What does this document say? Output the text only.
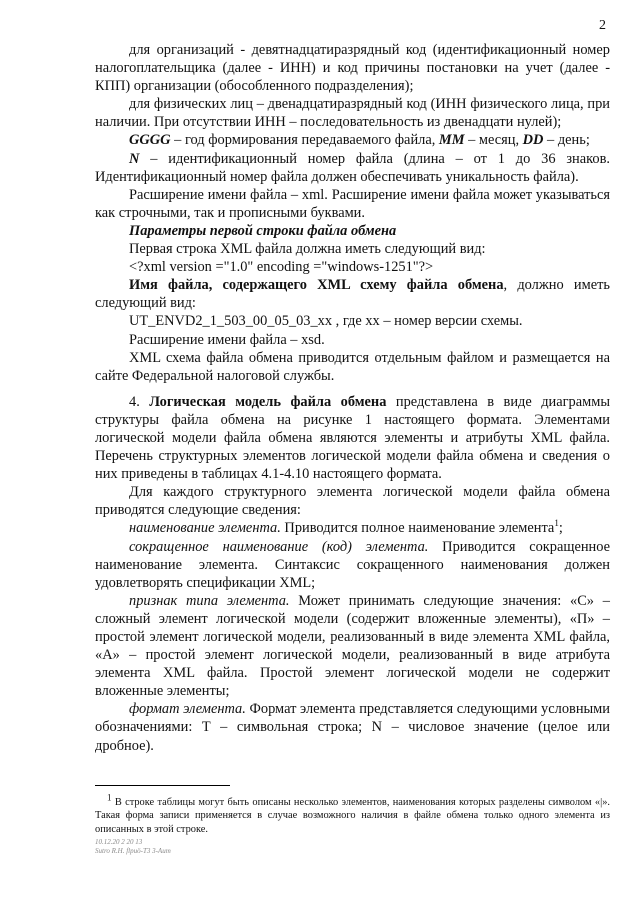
2

для организаций - девятнадцатиразрядный код (идентификационный номер налогоплательщика (далее - ИНН) и код причины постановки на учет (далее - КПП) организации (обособленного подразделения);

для физических лиц – двенадцатиразрядный код (ИНН физического лица, при наличии. При отсутствии ИНН – последовательность из двенадцати нулей);

GGGG – год формирования передаваемого файла, MM – месяц, DD – день;

N – идентификационный номер файла (длина – от 1 до 36 знаков. Идентификационный номер файла должен обеспечивать уникальность файла).

Расширение имени файла – xml. Расширение имени файла может указываться как строчными, так и прописными буквами.

Параметры первой строки файла обмена

Первая строка XML файла должна иметь следующий вид:

<?xml version ="1.0" encoding ="windows-1251"?>

Имя файла, содержащего XML схему файла обмена, должно иметь следующий вид:

UT_ENVD2_1_503_00_05_03_xx , где хх – номер версии схемы.

Расширение имени файла – xsd.

XML схема файла обмена приводится отдельным файлом и размещается на сайте Федеральной налоговой службы.

4. Логическая модель файла обмена представлена в виде диаграммы структуры файла обмена на рисунке 1 настоящего формата. Элементами логической модели файла обмена являются элементы и атрибуты XML файла. Перечень структурных элементов логической модели файла обмена и сведения о них приведены в таблицах 4.1-4.10 настоящего формата.

Для каждого структурного элемента логической модели файла обмена приводятся следующие сведения:

наименование элемента. Приводится полное наименование элемента$^1$;

сокращенное наименование (код) элемента. Приводится сокращенное наименование элемента. Синтаксис сокращенного наименования должен удовлетворять спецификации XML;

признак типа элемента. Может принимать следующие значения: «С» – сложный элемент логической модели (содержит вложенные элементы), «П» – простой элемент логической модели, реализованный в виде элемента XML файла, «А» – простой элемент логической модели, реализованный в виде атрибута элемента XML файла. Простой элемент логической модели не содержит вложенные элементы;

формат элемента. Формат элемента представляется следующими условными обозначениями: Т – символьная строка; N – числовое значение (целое или дробное).

$^1$ В строке таблицы могут быть описаны несколько элементов, наименования которых разделены символом «|». Такая форма записи применяется в случае возможного наличия в файле обмена только одного элемента из описанных в этой строке.

10.12.20 2 20 13
Sutro R.H. flpuö-T3 3-Aum
